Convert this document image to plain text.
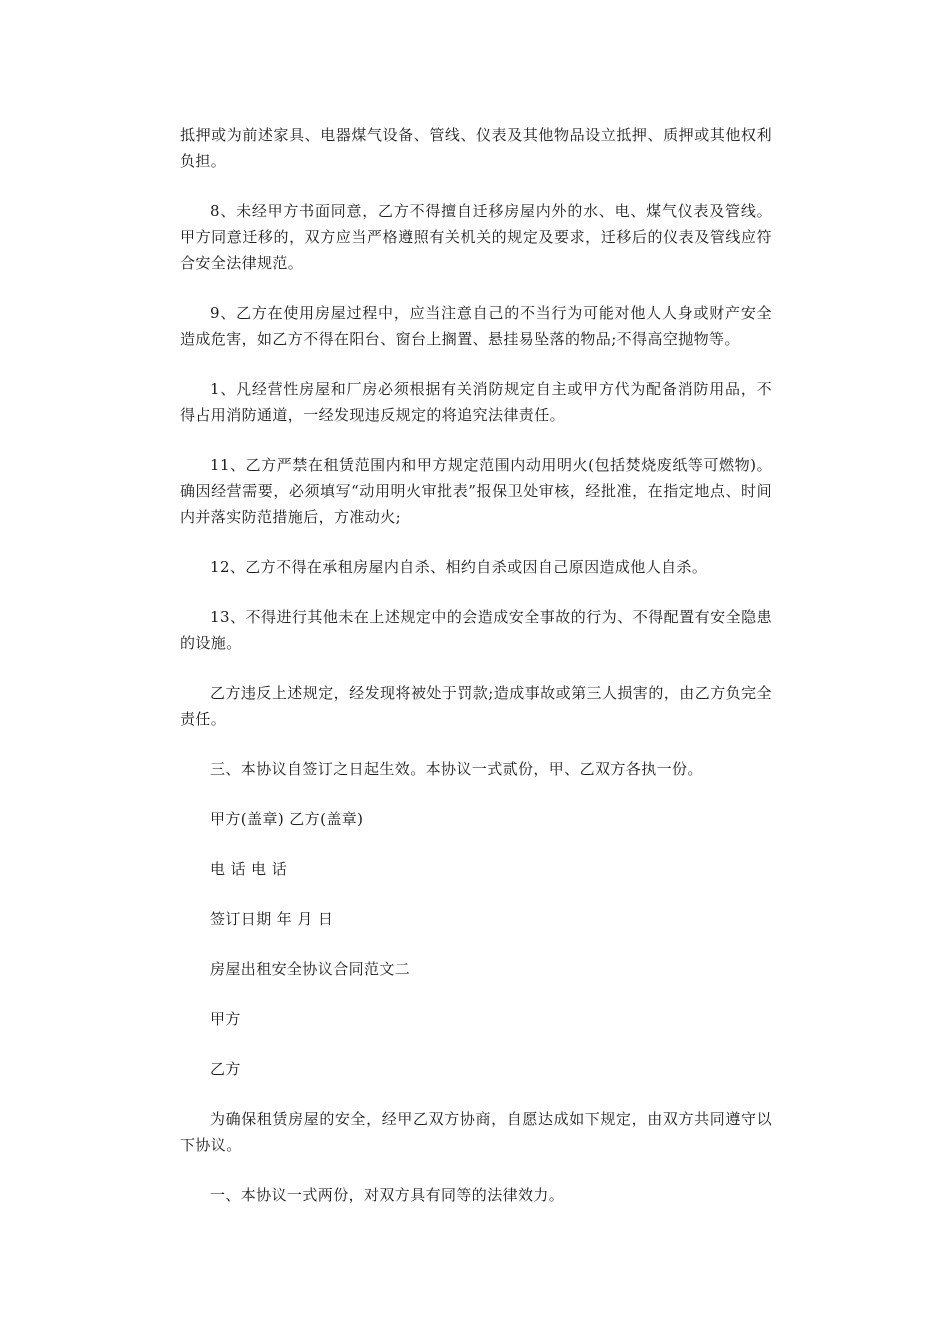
抵押或为前述家具、电器煤气设备、管线、仪表及其他物品设立抵押、质押或其他权利负担。

8、未经甲方书面同意，乙方不得擅自迁移房屋内外的水、电、煤气仪表及管线。甲方同意迁移的，双方应当严格遵照有关机关的规定及要求，迁移后的仪表及管线应符合安全法律规范。

9、乙方在使用房屋过程中，应当注意自己的不当行为可能对他人人身或财产安全造成危害，如乙方不得在阳台、窗台上搁置、悬挂易坠落的物品;不得高空抛物等。

1、凡经营性房屋和厂房必须根据有关消防规定自主或甲方代为配备消防用品，不得占用消防通道，一经发现违反规定的将追究法律责任。

11、乙方严禁在租赁范围内和甲方规定范围内动用明火(包括焚烧废纸等可燃物)。确因经营需要，必须填写“动用明火审批表”报保卫处审核，经批准，在指定地点、时间内并落实防范措施后，方准动火;

12、乙方不得在承租房屋内自杀、相约自杀或因自己原因造成他人自杀。

13、不得进行其他未在上述规定中的会造成安全事故的行为、不得配置有安全隐患的设施。

乙方违反上述规定，经发现将被处于罚款;造成事故或第三人损害的，由乙方负完全责任。

三、本协议自签订之日起生效。本协议一式贰份，甲、乙双方各执一份。

甲方(盖章) 乙方(盖章)

电 话 电 话

签订日期 年 月 日

房屋出租安全协议合同范文二

甲方

乙方

为确保租赁房屋的安全，经甲乙双方协商，自愿达成如下规定，由双方共同遵守以下协议。

一、本协议一式两份，对双方具有同等的法律效力。
